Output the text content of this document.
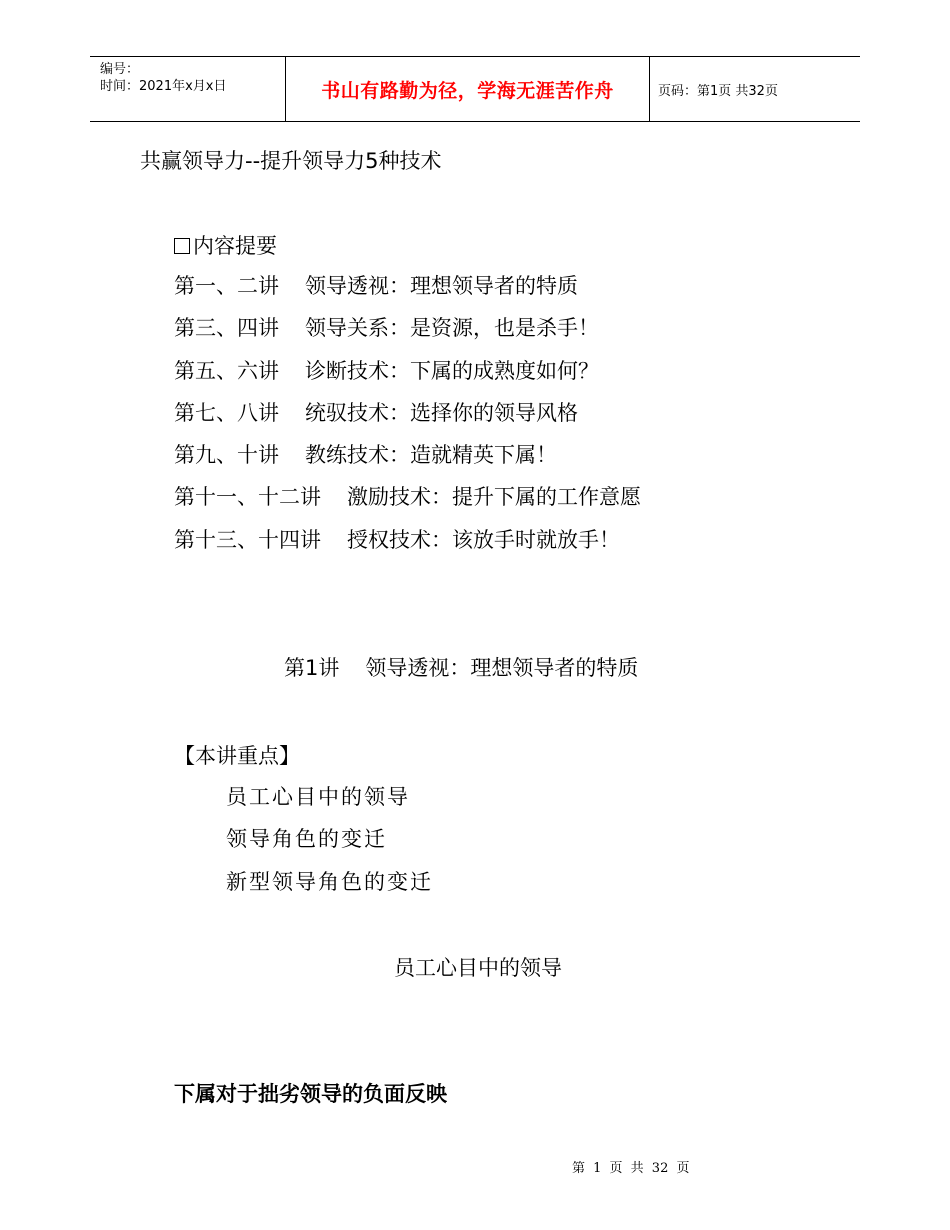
编号：
时间：2021年x月x日	书山有路勤为径，学海无涯苦作舟	页码：第1页 共32页
共赢领导力--提升领导力5种技术
内容提要
第一、二讲 领导透视：理想领导者的特质
第三、四讲 领导关系：是资源，也是杀手！
第五、六讲 诊断技术：下属的成熟度如何？
第七、八讲 统驭技术：选择你的领导风格
第九、十讲 教练技术：造就精英下属！
第十一、十二讲 激励技术：提升下属的工作意愿
第十三、十四讲 授权技术：该放手时就放手！
第1讲 领导透视：理想领导者的特质
【本讲重点】
员工心目中的领导
领导角色的变迁
新型领导角色的变迁
员工心目中的领导
下属对于拙劣领导的负面反映
第 1 页 共 32 页
